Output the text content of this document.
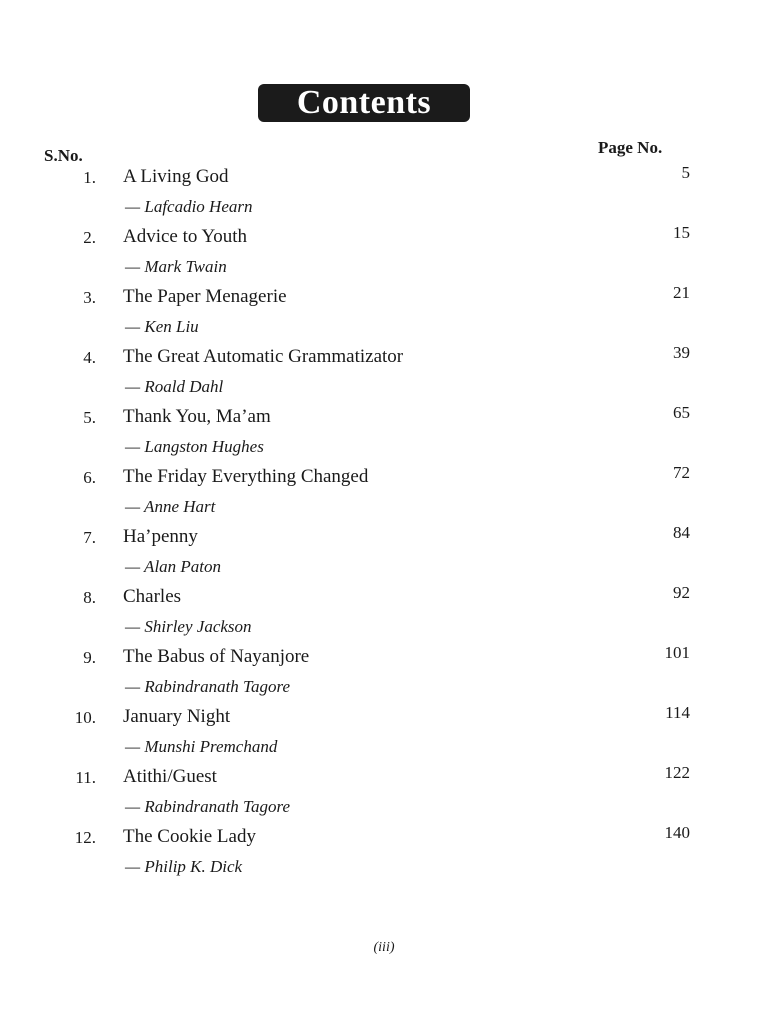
Contents
S.No.	Page No.
1. A Living God
— Lafcadio Hearn
5
2. Advice to Youth
— Mark Twain
15
3. The Paper Menagerie
— Ken Liu
21
4. The Great Automatic Grammatizator
— Roald Dahl
39
5. Thank You, Ma’am
— Langston Hughes
65
6. The Friday Everything Changed
— Anne Hart
72
7. Ha’penny
— Alan Paton
84
8. Charles
— Shirley Jackson
92
9. The Babus of Nayanjore
— Rabindranath Tagore
101
10. January Night
— Munshi Premchand
114
11. Atithi/Guest
— Rabindranath Tagore
122
12. The Cookie Lady
— Philip K. Dick
140
(iii)
